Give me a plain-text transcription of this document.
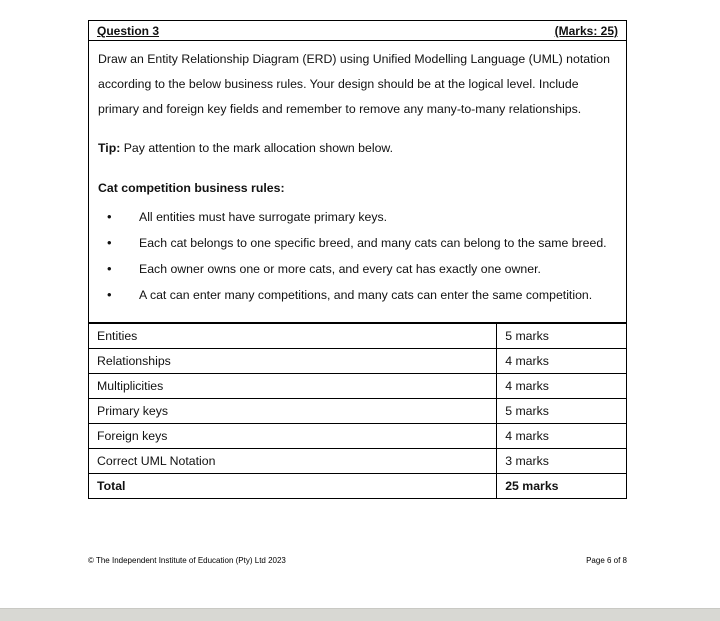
Question 3	(Marks: 25)

Draw an Entity Relationship Diagram (ERD) using Unified Modelling Language (UML) notation according to the below business rules. Your design should be at the logical level. Include primary and foreign key fields and remember to remove any many-to-many relationships.

Tip: Pay attention to the mark allocation shown below.

Cat competition business rules:

• All entities must have surrogate primary keys.
• Each cat belongs to one specific breed, and many cats can belong to the same breed.
• Each owner owns one or more cats, and every cat has exactly one owner.
• A cat can enter many competitions, and many cats can enter the same competition.
Entities	5 marks
Relationships	4 marks
Multiplicities	4 marks
Primary keys	5 marks
Foreign keys	4 marks
Correct UML Notation	3 marks
Total	25 marks
© The Independent Institute of Education (Pty) Ltd 2023	Page 6 of 8
